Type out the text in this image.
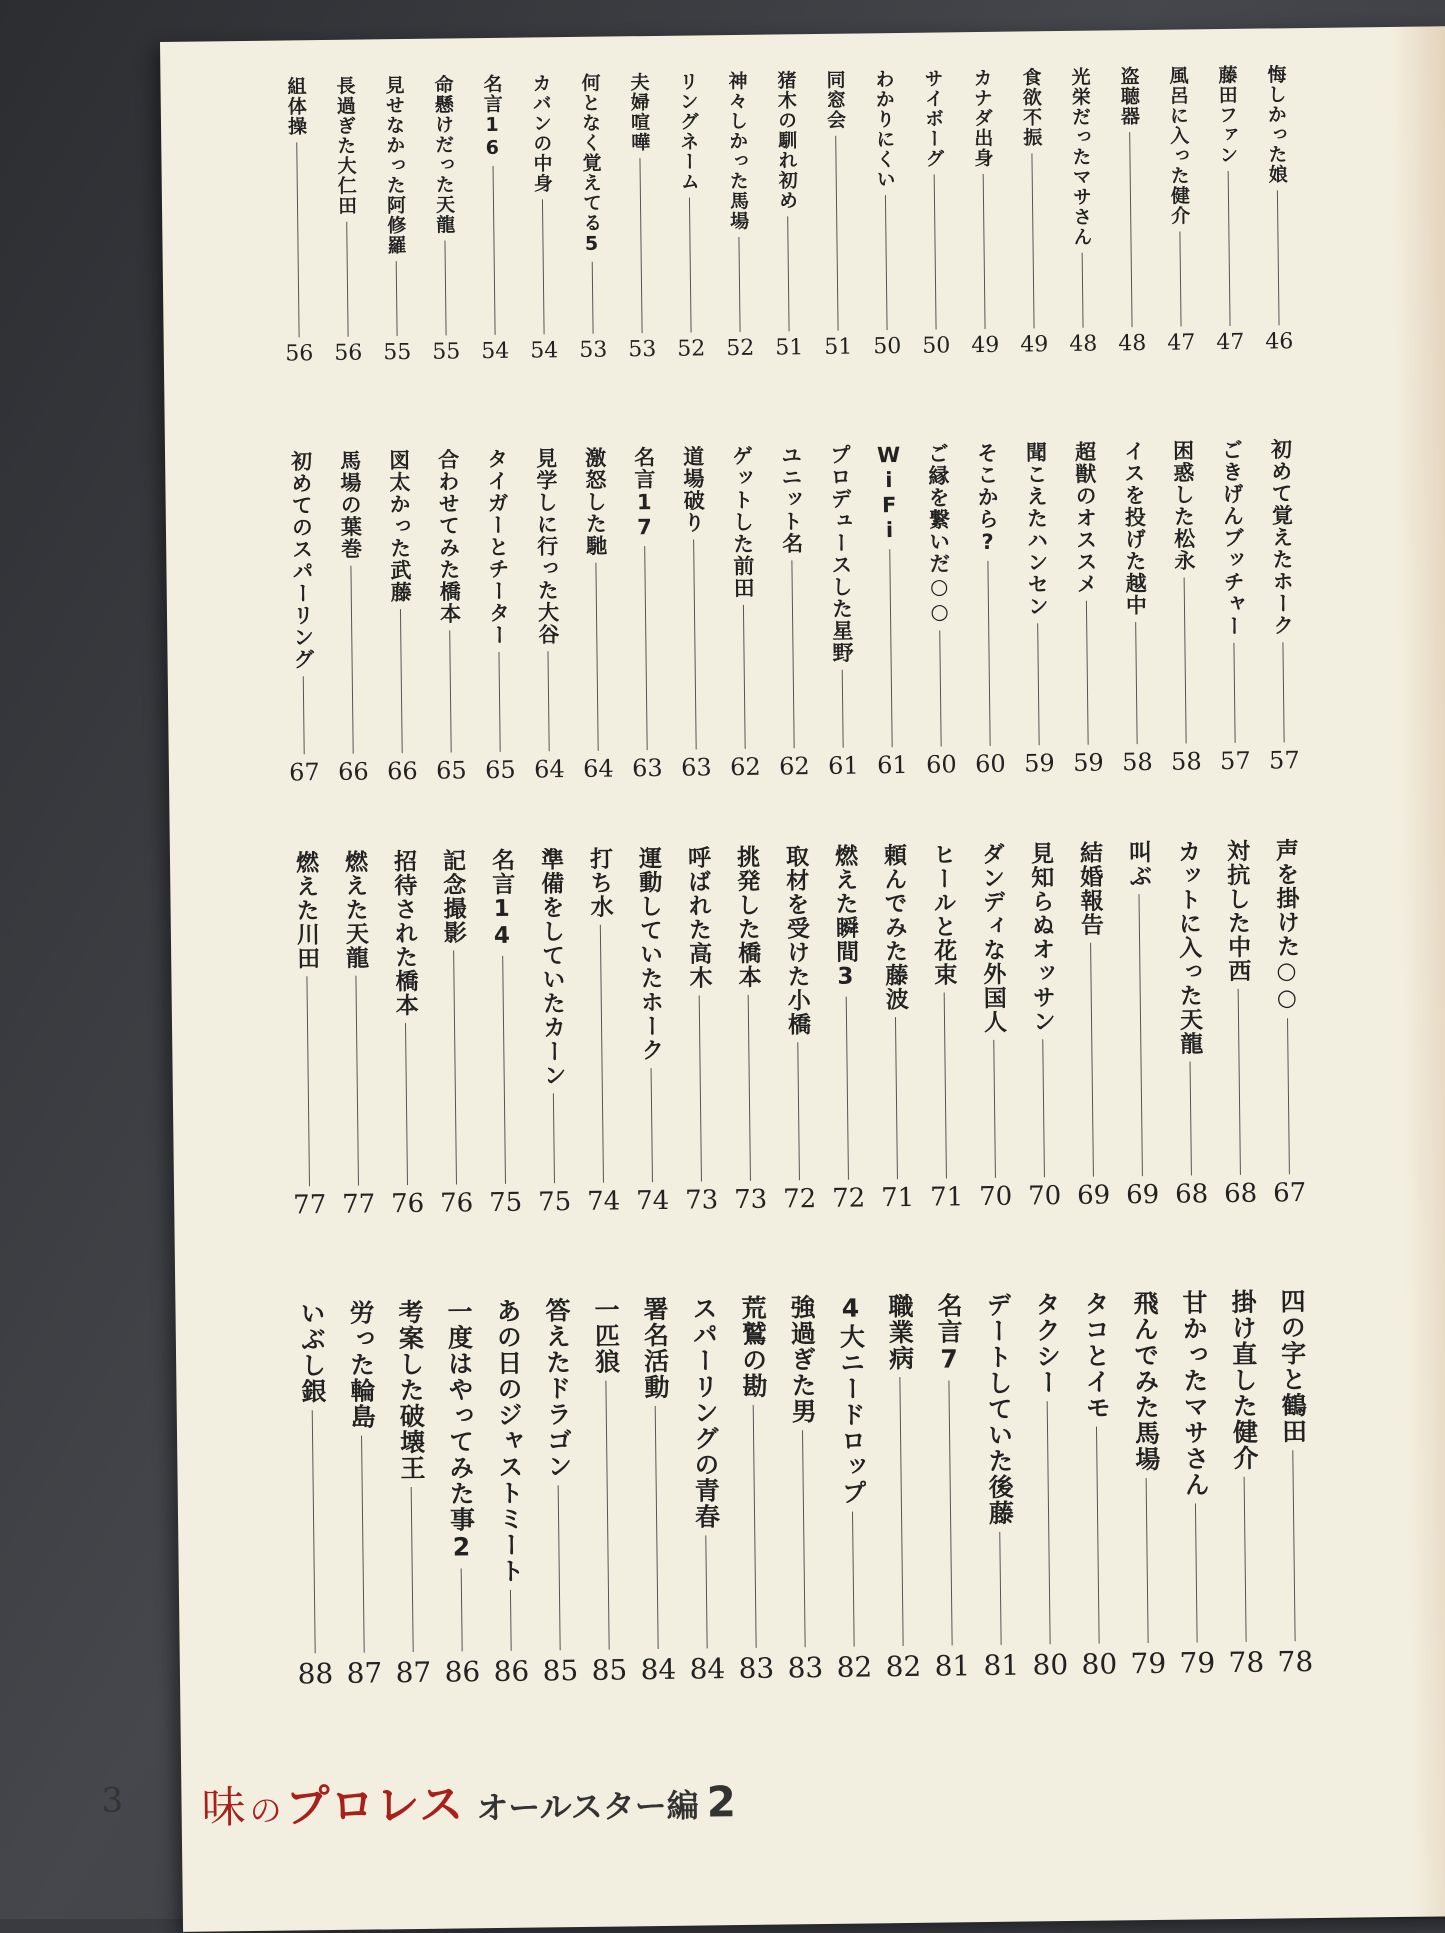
悔しかった娘
46
藤田ファン
47
風呂に入った健介
47
盗聴器
48
光栄だったマサさん
48
食欲不振
49
カナダ出身
49
サイボーグ
50
わかりにくい
50
同窓会
51
猪木の馴れ初め
51
神々しかった馬場
52
リングネーム
52
夫婦喧嘩
53
何となく覚えてる5
53
カバンの中身
54
名言16
54
命懸けだった天龍
55
見せなかった阿修羅
55
長過ぎた大仁田
56
組体操
56
初めて覚えたホーク
57
ごきげんブッチャー
57
困惑した松永
58
イスを投げた越中
58
超獣のオススメ
59
聞こえたハンセン
59
そこから?
60
ご縁を繋いだ○○
60
WiFi
61
プロデュースした星野
61
ユニット名
62
ゲットした前田
62
道場破り
63
名言17
63
激怒した馳
64
見学しに行った大谷
64
タイガーとチーター
65
合わせてみた橋本
65
図太かった武藤
66
馬場の葉巻
66
初めてのスパーリング
67
声を掛けた○○
67
対抗した中西
68
カットに入った天龍
68
叫ぶ
69
結婚報告
69
見知らぬオッサン
70
ダンディな外国人
70
ヒールと花束
71
頼んでみた藤波
71
燃えた瞬間3
72
取材を受けた小橋
72
挑発した橋本
73
呼ばれた高木
73
運動していたホーク
74
打ち水
74
準備をしていたカーン
75
名言14
75
記念撮影
76
招待された橋本
76
燃えた天龍
77
燃えた川田
77
四の字と鶴田
78
掛け直した健介
78
甘かったマサさん
79
飛んでみた馬場
79
タコとイモ
80
タクシー
80
デートしていた後藤
81
名言7
81
職業病
82
4大ニードロップ
82
強過ぎた男
83
荒鷲の勘
83
スパーリングの青春
84
署名活動
84
一匹狼
85
答えたドラゴン
85
あの日のジャストミート
86
一度はやってみた事2
86
考案した破壊王
87
労った輪島
87
いぶし銀
88
3 味 の プロレス オールスター編 2
